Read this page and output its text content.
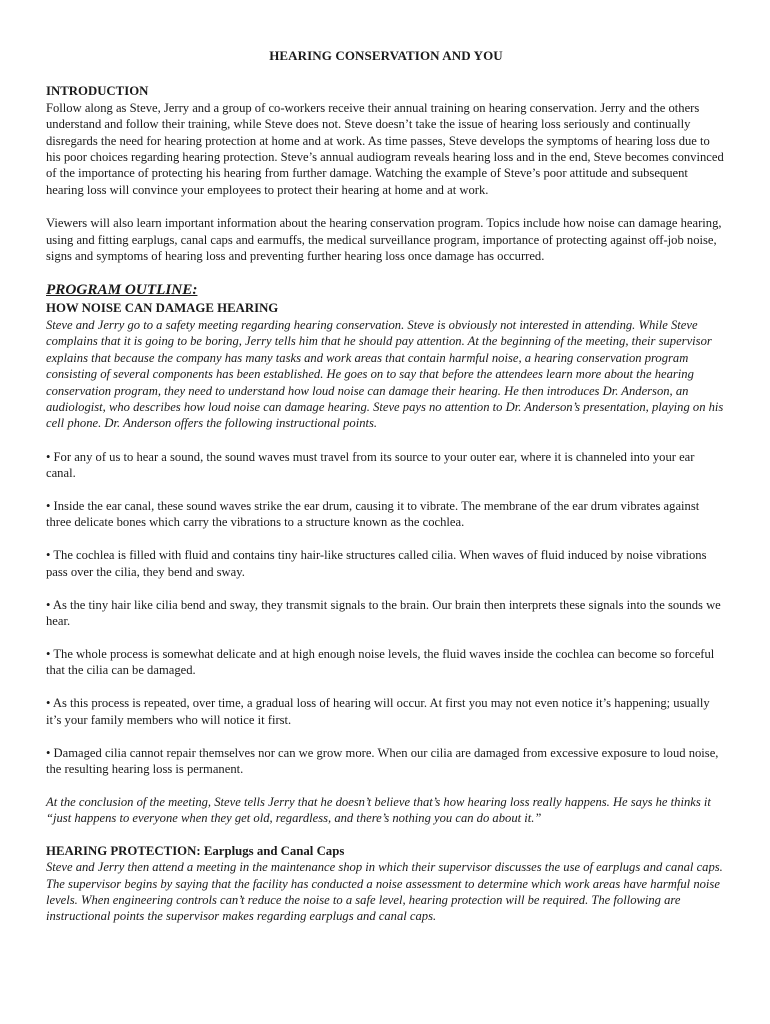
HEARING CONSERVATION AND YOU
INTRODUCTION

Follow along as Steve, Jerry and a group of co-workers receive their annual training on hearing conservation. Jerry and the others understand and follow their training, while Steve does not. Steve doesn’t take the issue of hearing loss seriously and continually disregards the need for hearing protection at home and at work. As time passes, Steve develops the symptoms of hearing loss due to his poor choices regarding hearing protection. Steve’s annual audiogram reveals hearing loss and in the end, Steve becomes convinced of the importance of protecting his hearing from further damage. Watching the example of Steve’s poor attitude and subsequent hearing loss will convince your employees to protect their hearing at home and at work.

Viewers will also learn important information about the hearing conservation program. Topics include how noise can damage hearing, using and fitting earplugs, canal caps and earmuffs, the medical surveillance program, importance of protecting against off-job noise, signs and symptoms of hearing loss and preventing further hearing loss once damage has occurred.

PROGRAM OUTLINE:
HOW NOISE CAN DAMAGE HEARING

Steve and Jerry go to a safety meeting regarding hearing conservation. Steve is obviously not interested in attending. While Steve complains that it is going to be boring, Jerry tells him that he should pay attention. At the beginning of the meeting, their supervisor explains that because the company has many tasks and work areas that contain harmful noise, a hearing conservation program consisting of several components has been established. He goes on to say that before the attendees learn more about the hearing conservation program, they need to understand how loud noise can damage their hearing. He then introduces Dr. Anderson, an audiologist, who describes how loud noise can damage hearing. Steve pays no attention to Dr. Anderson’s presentation, playing on his cell phone. Dr. Anderson offers the following instructional points.

• For any of us to hear a sound, the sound waves must travel from its source to your outer ear, where it is channeled into your ear canal.

• Inside the ear canal, these sound waves strike the ear drum, causing it to vibrate. The membrane of the ear drum vibrates against three delicate bones which carry the vibrations to a structure known as the cochlea.

• The cochlea is filled with fluid and contains tiny hair-like structures called cilia. When waves of fluid induced by noise vibrations pass over the cilia, they bend and sway.

• As the tiny hair like cilia bend and sway, they transmit signals to the brain. Our brain then interprets these signals into the sounds we hear.

• The whole process is somewhat delicate and at high enough noise levels, the fluid waves inside the cochlea can become so forceful that the cilia can be damaged.

• As this process is repeated, over time, a gradual loss of hearing will occur. At first you may not even notice it’s happening; usually it’s your family members who will notice it first.

• Damaged cilia cannot repair themselves nor can we grow more. When our cilia are damaged from excessive exposure to loud noise, the resulting hearing loss is permanent.

At the conclusion of the meeting, Steve tells Jerry that he doesn’t believe that’s how hearing loss really happens. He says he thinks it “just happens to everyone when they get old, regardless, and there’s nothing you can do about it.”

HEARING PROTECTION: Earplugs and Canal Caps

Steve and Jerry then attend a meeting in the maintenance shop in which their supervisor discusses the use of earplugs and canal caps. The supervisor begins by saying that the facility has conducted a noise assessment to determine which work areas have harmful noise levels. When engineering controls can’t reduce the noise to a safe level, hearing protection will be required. The following are instructional points the supervisor makes regarding earplugs and canal caps.
